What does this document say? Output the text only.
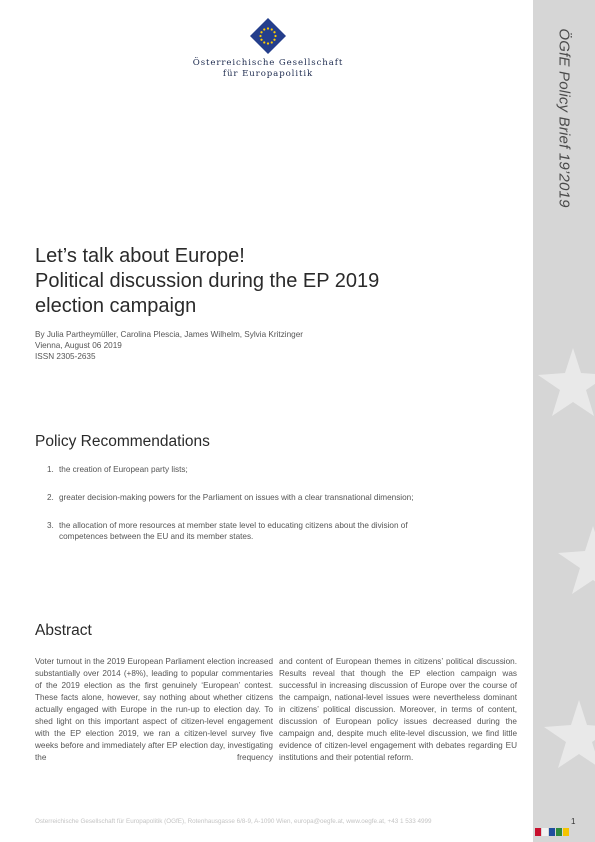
ÖGfE Policy Brief 19’2019
Österreichische Gesellschaft
für Europapolitik
Let’s talk about Europe!
Political discussion during the EP 2019
election campaign
By Julia Partheymüller, Carolina Plescia, James Wilhelm, Sylvia Kritzinger
Vienna, August 06 2019
ISSN 2305-2635
Policy Recommendations
1. the creation of European party lists;
2. greater decision-making powers for the Parliament on issues with a clear transnational dimension;
3. the allocation of more resources at member state level to educating citizens about the division of competences between the EU and its member states.
Abstract

Voter turnout in the 2019 European Parliament election increased substantially over 2014 (+8%), leading to popular commentaries of the 2019 election as the first genuinely ‘European’ contest. These facts alone, however, say nothing about whether citizens actually engaged with Europe in the run-up to election day. To shed light on this important aspect of citizen-level engagement with the EP election 2019, we ran a citizen-level survey five weeks before and immediately after EP election day, investigating the frequency

and content of European themes in citizens’ political discussion. Results reveal that though the EP election campaign was successful in increasing discussion of Europe over the course of the campaign, national-level issues were nevertheless dominant in citizens’ political discussion. Moreover, in terms of content, discussion of European policy issues decreased during the campaign and, despite much elite-level discussion, we find little evidence of citizen-level engagement with debates regarding EU institutions and their potential reform.

Österreichische Gesellschaft für Europapolitik (ÖGfE), Rotenhausgasse 6/8-9, A-1090 Wien, europa@oegfe.at, www.oegfe.at, +43 1 533 4999	1
